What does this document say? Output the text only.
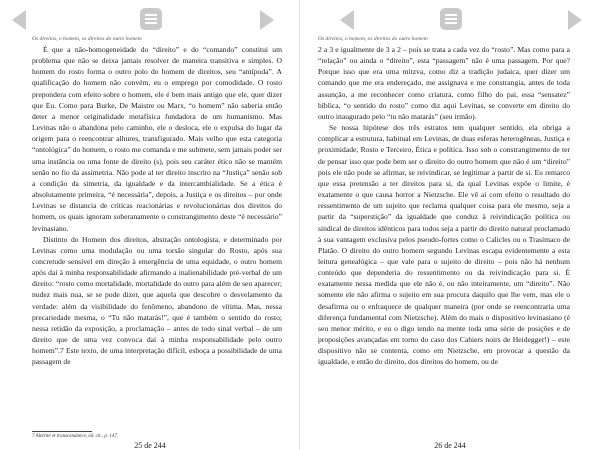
Os direitos, o homem, os direitos do outro homem

É que a não-homogeneidade do “direito” e do “comando” constitui um problema que não se deixa jamais resolver de maneira transitiva e simples. O homem do rosto forma o outro polo do homem de direitos, seu “antípoda”. A qualificação do homem não convém, eu o emprego por comodidade. O rosto prepondera com efeito sobre o homem, ele é bem mais antigo que ele, quer dizer que Eu. Como para Burke, De Maistre ou Marx, “o homem” não saberia então deter a menor originalidade metafísica fundadora de um humanismo. Mas Levinas não o abandona pelo caminho, ele o desloca, ele o expulsa do lugar da origem para o reencontrar alhures, transfigurado. Mais velho que esta categoria “ontológica” do homem, o rosto me comanda e me submete, sem jamais poder ser uma instância ou uma fonte de direito (s), pois seu caráter ético não se mantém senão no fio da assimetria. Não pode al ter direito inscrito na “Justiça” senão sob a condição da simetria, da igualdade e da intercambialidade. Se a ética é absolutamente primeira, “é necessária”, depois, a Justiça e os direitos – por onde Levinas se distancia de críticas reacionárias e revolucionárias dos direitos do homem, os quais ignoram soberanamente o constrangimento deste “é necessário” levinasiano.

Distinto do Homem dos direitos, abstração ontologista, e determinado por Levinas como uma modulação ou uma torsão singular do Rosto, após sua concretude sensível em direção à emergência de uma equidade, o outro homem após daí à minha responsabilidade afirmando a inalienabilidade pré-verbal de um direito: “rosto como mortalidade, mortalidade do outro para além de seu aparecer; nudez mais nua, se se pode dizer, que aquela que descobre o desvelamento da verdade: além da visibilidade do fenômeno, abandono de vítima. Mas, nessa precariedade mesma, o “Tu não matarás!”, que é também o sentido do rosto; nessa retidão da exposição, a proclamação – antes de todo sinal verbal – de um direito que de uma vez convoca daí à minha responsabilidade pelo outro homem”.7 Este texto, de uma interpretação difícil, esboça a possibilidade de uma passagem de

7 Altérité et transcendance, éd. cit., p. 147.
25 de 244
Os direitos, o homem, os direitos do outro homem

2 a 3 e igualmente de 3 a 2 – pois se trata a cada vez do “rosto”. Mas como para a “relação” ou ainda o “direito”, esta “passagem” não é uma passagem. Por que? Porque isso que era uma mitzva, como diz a tradição judaica, quer dizer um comando que me era endereçado, me assignava e me constrangia, antes de toda assunção, a me reconhecer como criatura, como filho do pai, essa “sensatez” bíblica, “o sentido do rosto” como diz aqui Levinas, se converte em direito do outro inaugurado pelo “tu não matarás” (seu irmão).

Se nossa hipótese dos três estratos tem qualquer sentido, ela obriga a complicar a estrutura, habitual em Levinas, de duas esferas heterogêneas, Justiça e proximidade, Rosto e Terceiro, Ética e política. Isso sob o constrangimento de ter de pensar isso que pode bem ser o direito do outro homem que não é um “direito” pois ele não pode se afirmar, se reivindicar, se legitimar a partir de si. Eu remarco que essa pretensão a ter direitos para si, da qual Levinas expõe o limite, é exatamente o que causa horror a Nietzsche. Ele vê aí com efeito o resultado do ressentimento de um sujeito que reclama qualquer coisa para ele mesmo, seja a partir da “superstição” da igualdade que conduz à reivindicação política ou sindical de direitos idênticos para todos seja a partir do direito natural proclamado à sua vantagem exclusiva pelos pseudo-fortes como o Calicles ou o Trasímaco de Platão. O direito do outro homem segundo Levinas escapa evidentemente a esta leitura genealógica – que vale para o sujeito de direito – pois não há nenhum conteúdo que dependeria do ressentimento ou da reivindicação para si. É exatamente nessa medida que ele não é, ou não inteiramente, um “direito”. Não somente ele não afirma o sujeito em sua procura daquilo que lhe vem, mas ele o desafirma ou o enfraquece de qualquer maneira (por onde se reencontraria uma diferença fundamental com Nietzsche). Além do mais o dispositivo levinasiano (é seu menor mérito, e eu o digo tendo na mente toda uma série de posições e de proposições avançadas em torno do caso dos Cahiers noirs de Heidegger!) – este dispositivo não se contenta, como em Nietzsche, em provocar a questão da igualdade, e então do direito, dos direitos do homem, ou de

26 de 244
